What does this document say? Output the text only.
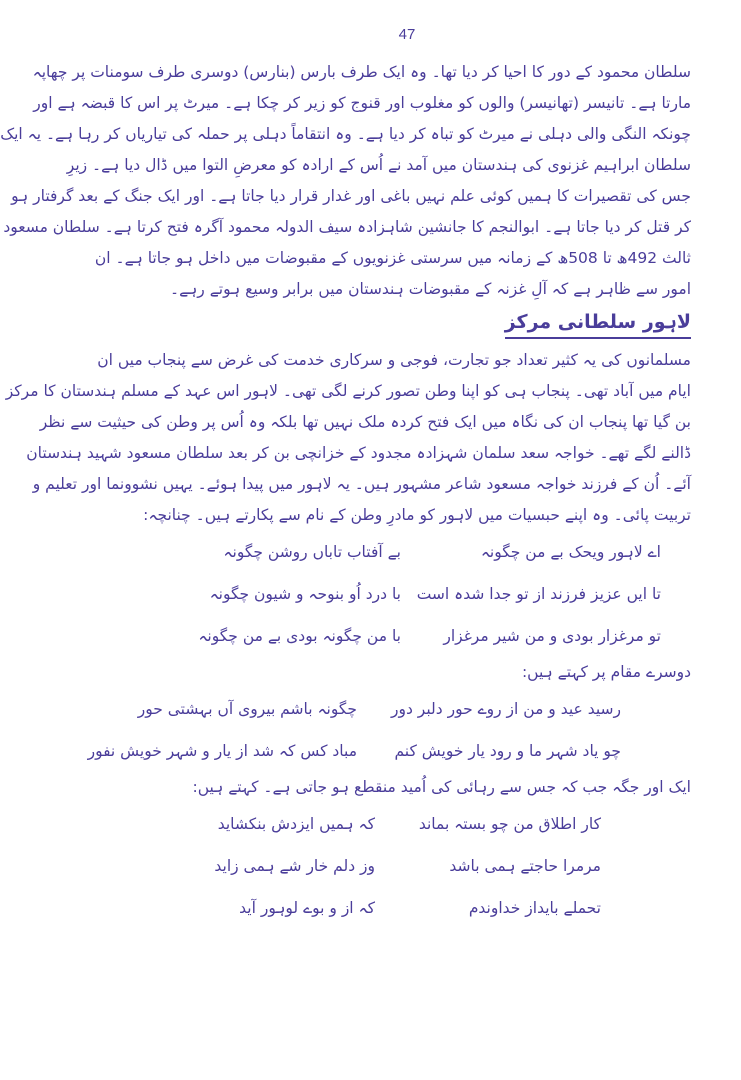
47
سلطان محمود کے دور کا احیا کر دیا تھا۔ وہ ایک طرف بارس (بنارس) دوسری طرف سومنات پر چھاپہ
مارتا ہے۔ تانیسر (تھانیسر) والوں کو مغلوب اور قنوج کو زیر کر چکا ہے۔ میرٹ پر اس کا قبضہ ہے اور
چونکہ النگی والی دہلی نے میرٹ کو تباہ کر دیا ہے۔ وہ انتقاماً دہلی پر حملہ کی تیاریاں کر رہا ہے۔ یہ ایک
سلطان ابراہیم غزنوی کی ہندستان میں آمد نے اُس کے ارادہ کو معرضِ التوا میں ڈال دیا ہے۔ زیرِ
جس کی تقصیرات کا ہمیں کوئی علم نہیں باغی اور غدار قرار دیا جاتا ہے۔ اور ایک جنگ کے بعد گرفتار ہو
کر قتل کر دیا جاتا ہے۔ ابوالنجم کا جانشین شاہزادہ سیف الدولہ محمود آگرہ فتح کرتا ہے۔ سلطان مسعود
ثالث 492ھ تا 508ھ کے زمانہ میں سرستی غزنویوں کے مقبوضات میں داخل ہو جاتا ہے۔ ان
امور سے ظاہر ہے کہ آلِ غزنہ کے مقبوضات ہندستان میں برابر وسیع ہوتے رہے۔
لاہور سلطانی مرکز
مسلمانوں کی یہ کثیر تعداد جو تجارت، فوجی و سرکاری خدمت کی غرض سے پنجاب میں ان
ایام میں آباد تھی۔ پنجاب ہی کو اپنا وطن تصور کرنے لگی تھی۔ لاہور اس عہد کے مسلم ہندستان کا مرکز
بن گیا تھا پنجاب ان کی نگاہ میں ایک فتح کردہ ملک نہیں تھا بلکہ وہ اُس پر وطن کی حیثیت سے نظر
ڈالنے لگے تھے۔ خواجہ سعد سلمان شہزادہ مجدود کے خزانچی بن کر بعد سلطان مسعود شہید ہندستان
آئے۔ اُن کے فرزند خواجہ مسعود شاعر مشہور ہیں۔ یہ لاہور میں پیدا ہوئے۔ یہیں نشوونما اور تعلیم و
تربیت پائی۔ وہ اپنے حبسیات میں لاہور کو مادرِ وطن کے نام سے پکارتے ہیں۔ چنانچہ:
اے لاہور ویحک بے من چگونہ
بے آفتاب تاباں روشن چگونہ
تا ایں عزیز فرزند از تو جدا شدہ است
با درد اُو بنوحہ و شیون چگونہ
تو مرغزار بودی و من شیر مرغزار
با من چگونہ بودی بے من چگونہ
دوسرے مقام پر کہتے ہیں:
رسید عید و من از روے حور دلبر دور
چگونہ باشم بیروی آں بہشتی حور
چو یاد شہر ما و رود یار خویش کنم
مباد کس کہ شد از یار و شہر خویش نفور
ایک اور جگہ جب کہ جس سے رہائی کی اُمید منقطع ہو جاتی ہے۔ کہتے ہیں:
کار اطلاق من چو بستہ بماند
کہ ہمیں ایزدش بنکشاید
مرمرا حاجتے ہمی باشد
وز دلم خار شے ہمی زاید
تحملے بایداز خداوندم
کہ از و بوے لوہور آید
